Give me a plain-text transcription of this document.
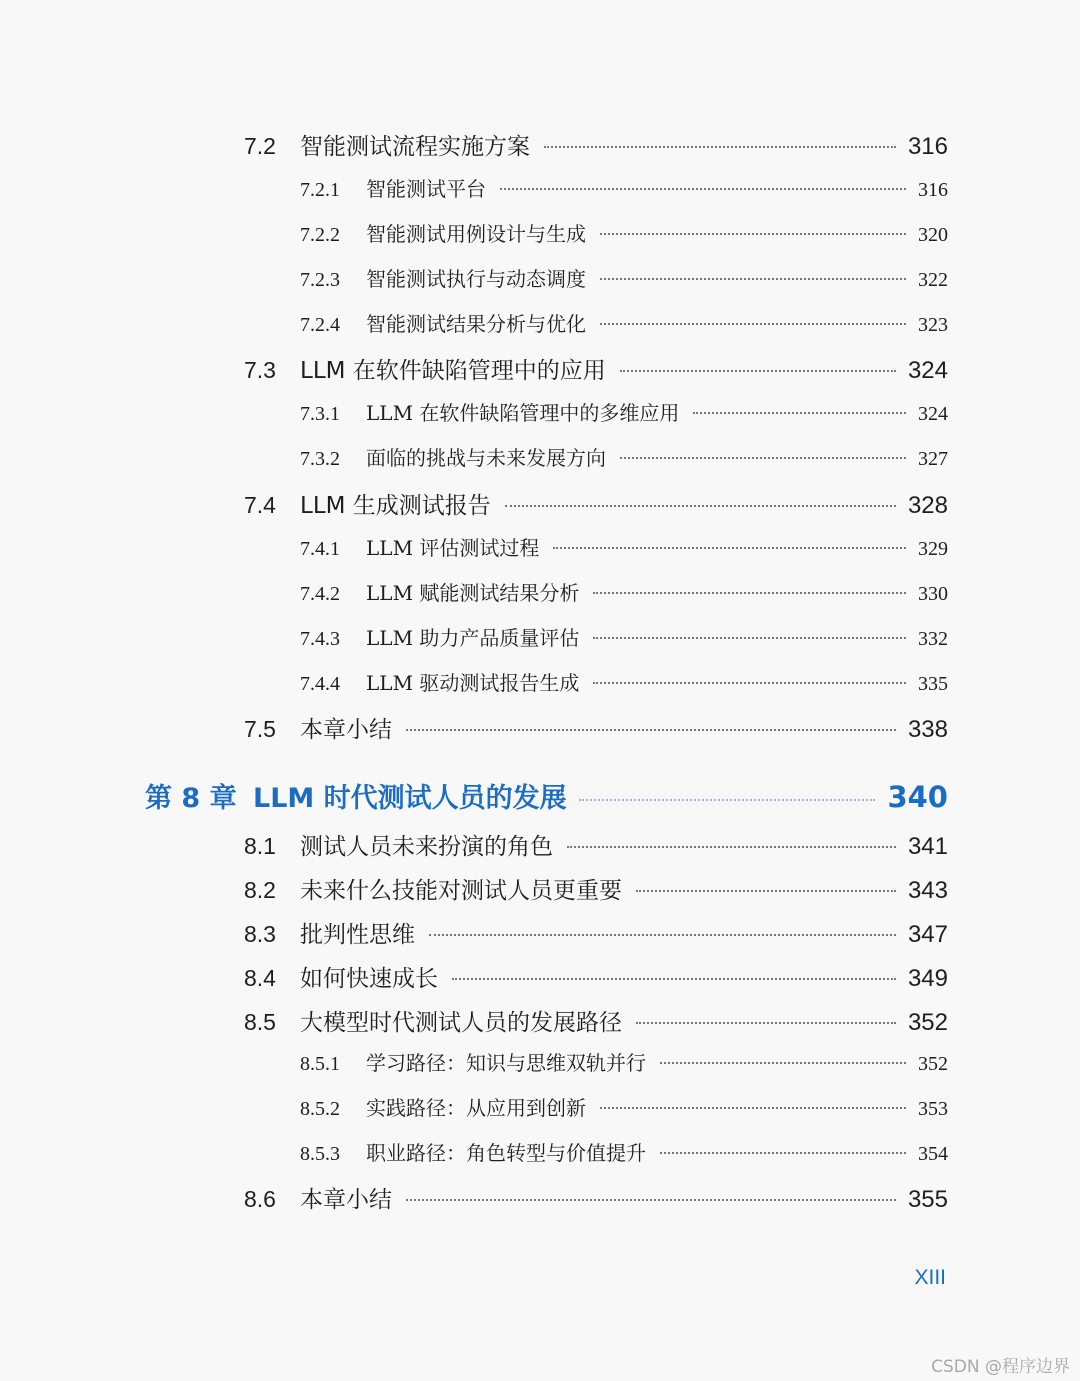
7.2	智能测试流程实施方案	316
7.2.1	智能测试平台	316
7.2.2	智能测试用例设计与生成	320
7.2.3	智能测试执行与动态调度	322
7.2.4	智能测试结果分析与优化	323
7.3	LLM 在软件缺陷管理中的应用	324
7.3.1	LLM 在软件缺陷管理中的多维应用	324
7.3.2	面临的挑战与未来发展方向	327
7.4	LLM 生成测试报告	328
7.4.1	LLM 评估测试过程	329
7.4.2	LLM 赋能测试结果分析	330
7.4.3	LLM 助力产品质量评估	332
7.4.4	LLM 驱动测试报告生成	335
7.5	本章小结	338
第 8 章 LLM 时代测试人员的发展	340
8.1	测试人员未来扮演的角色	341
8.2	未来什么技能对测试人员更重要	343
8.3	批判性思维	347
8.4	如何快速成长	349
8.5	大模型时代测试人员的发展路径	352
8.5.1	学习路径：知识与思维双轨并行	352
8.5.2	实践路径：从应用到创新	353
8.5.3	职业路径：角色转型与价值提升	354
8.6	本章小结	355
XIII
CSDN @程序边界
